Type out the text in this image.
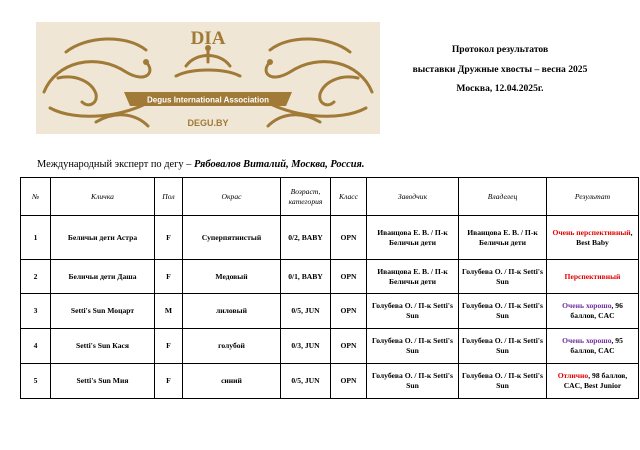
DIA
Degus International Association
DEGU.BY
Протокол результатов
выставки Дружные хвосты – весна 2025
Москва, 12.04.2025г.
Международный эксперт по дегу – Рябовалов Виталий, Москва, Россия.
№	Кличка	Пол	Окрас	Возраст, категория	Класс	Заводчик	Владелец	Результат
1	Беличьи дети Астра	F	Суперпятнистый	0/2, BABY	OPN	Иванцова Е. В. / П-к Беличьи дети	Иванцова Е. В. / П-к Беличьи дети	Очень перспективный, Best Baby
2	Беличьи дети Даша	F	Медовый	0/1, BABY	OPN	Иванцова Е. В. / П-к Беличьи дети	Голубева О. / П-к Setti's Sun	Перспективный
3	Setti's Sun Моцарт	M	лиловый	0/5, JUN	OPN	Голубева О. / П-к Setti's Sun	Голубева О. / П-к Setti's Sun	Очень хорошо, 96 баллов, CAC
4	Setti's Sun Кася	F	голубой	0/3, JUN	OPN	Голубева О. / П-к Setti's Sun	Голубева О. / П-к Setti's Sun	Очень хорошо, 95 баллов, CAC
5	Setti's Sun Мия	F	синий	0/5, JUN	OPN	Голубева О. / П-к Setti's Sun	Голубева О. / П-к Setti's Sun	Отлично, 98 баллов, CAC, Best Junior
